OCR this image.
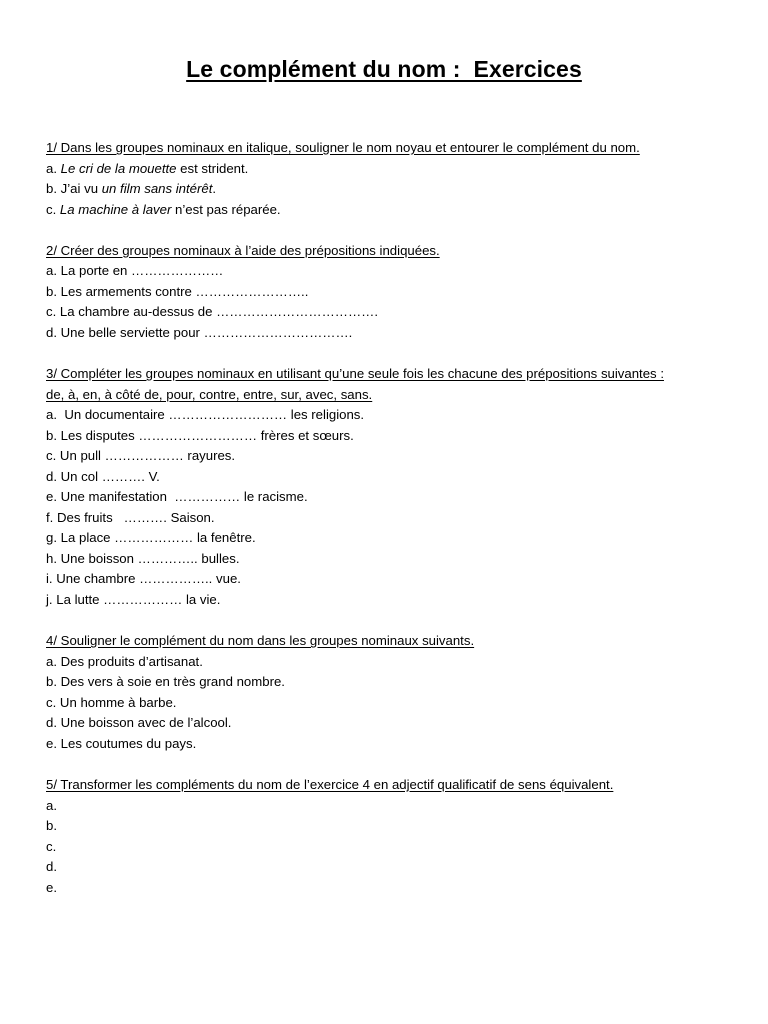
Le complément du nom :  Exercices
1/ Dans les groupes nominaux en italique, souligner le nom noyau et entourer le complément du nom.
a. Le cri de la mouette est strident.
b. J’ai vu un film sans intérêt.
c. La machine à laver n’est pas réparée.
2/ Créer des groupes nominaux à l’aide des prépositions indiquées.
a. La porte en …………………
b. Les armements contre ……………………..
c. La chambre au-dessus de ……………………………….
d. Une belle serviette pour …………………………….
3/ Compléter les groupes nominaux en utilisant qu’une seule fois les chacune des prépositions suivantes :
de, à, en, à côté de, pour, contre, entre, sur, avec, sans.
a.  Un documentaire ……………………… les religions.
b. Les disputes ……………………… frères et sœurs.
c. Un pull ……………… rayures.
d. Un col ………. V.
e. Une manifestation  …………… le racisme.
f. Des fruits   ………. Saison.
g. La place ……………… la fenêtre.
h. Une boisson ………….. bulles.
i. Une chambre …………….. vue.
j. La lutte ……………… la vie.
4/ Souligner le complément du nom dans les groupes nominaux suivants.
a. Des produits d’artisanat.
b. Des vers à soie en très grand nombre.
c. Un homme à barbe.
d. Une boisson avec de l’alcool.
e. Les coutumes du pays.
5/ Transformer les compléments du nom de l’exercice 4 en adjectif qualificatif de sens équivalent.
a.
b.
c.
d.
e.
